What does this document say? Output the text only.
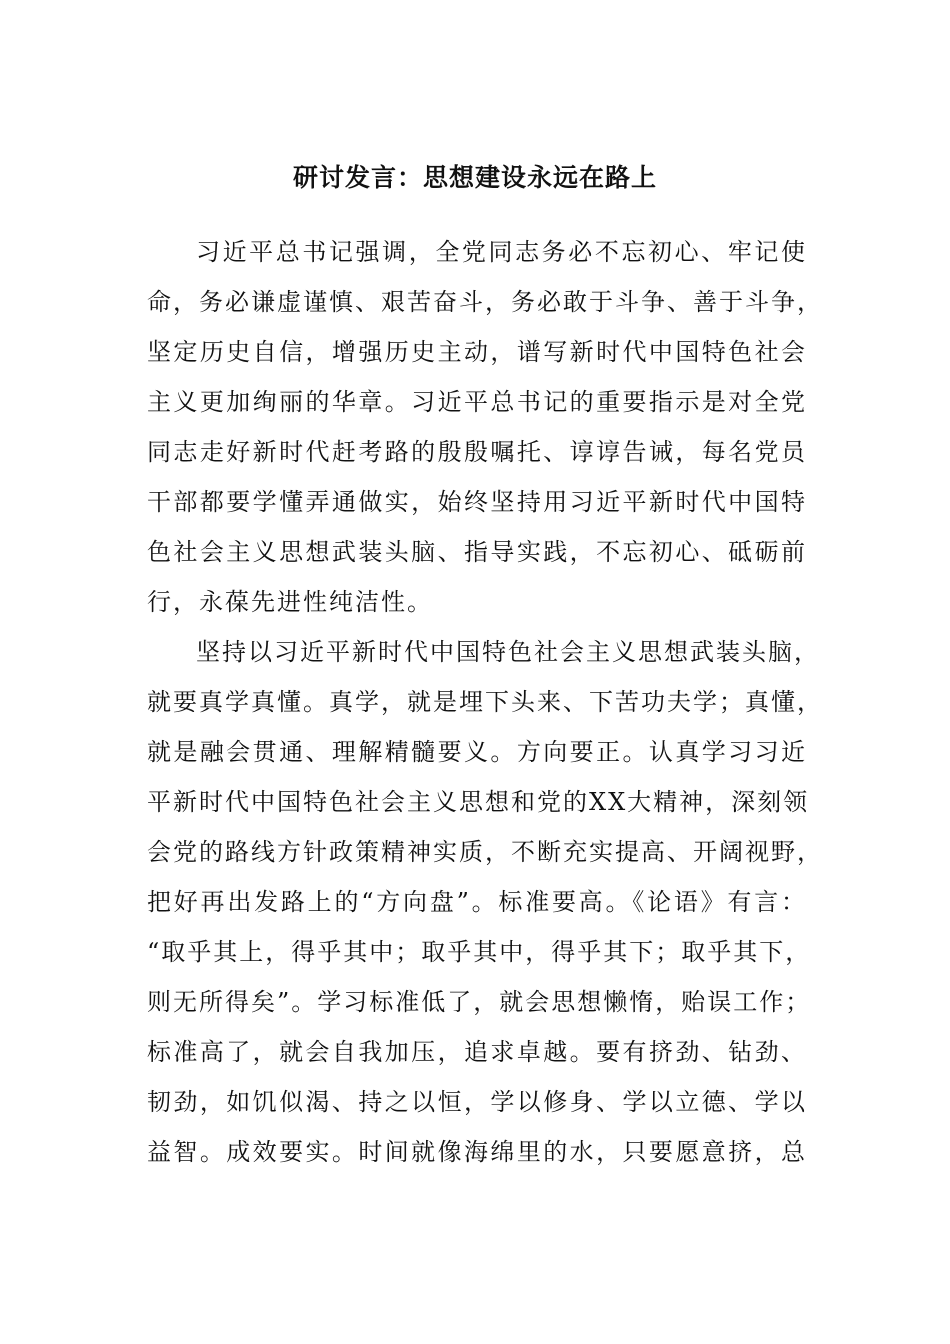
研讨发言：思想建设永远在路上

习近平总书记强调，全党同志务必不忘初心、牢记使

命，务必谦虚谨慎、艰苦奋斗，务必敢于斗争、善于斗争，

坚定历史自信，增强历史主动，谱写新时代中国特色社会

主义更加绚丽的华章。习近平总书记的重要指示是对全党

同志走好新时代赶考路的殷殷嘱托、谆谆告诫，每名党员

干部都要学懂弄通做实，始终坚持用习近平新时代中国特

色社会主义思想武装头脑、指导实践，不忘初心、砥砺前

行，永葆先进性纯洁性。

坚持以习近平新时代中国特色社会主义思想武装头脑，

就要真学真懂。真学，就是埋下头来、下苦功夫学；真懂，

就是融会贯通、理解精髓要义。方向要正。认真学习习近

平新时代中国特色社会主义思想和党的XX大精神，深刻领

会党的路线方针政策精神实质，不断充实提高、开阔视野，

把好再出发路上的“方向盘”。标准要高。《论语》有言：

“取乎其上，得乎其中；取乎其中，得乎其下；取乎其下，

则无所得矣”。学习标准低了，就会思想懒惰，贻误工作；

标准高了，就会自我加压，追求卓越。要有挤劲、钻劲、

韧劲，如饥似渴、持之以恒，学以修身、学以立德、学以

益智。成效要实。时间就像海绵里的水，只要愿意挤，总
